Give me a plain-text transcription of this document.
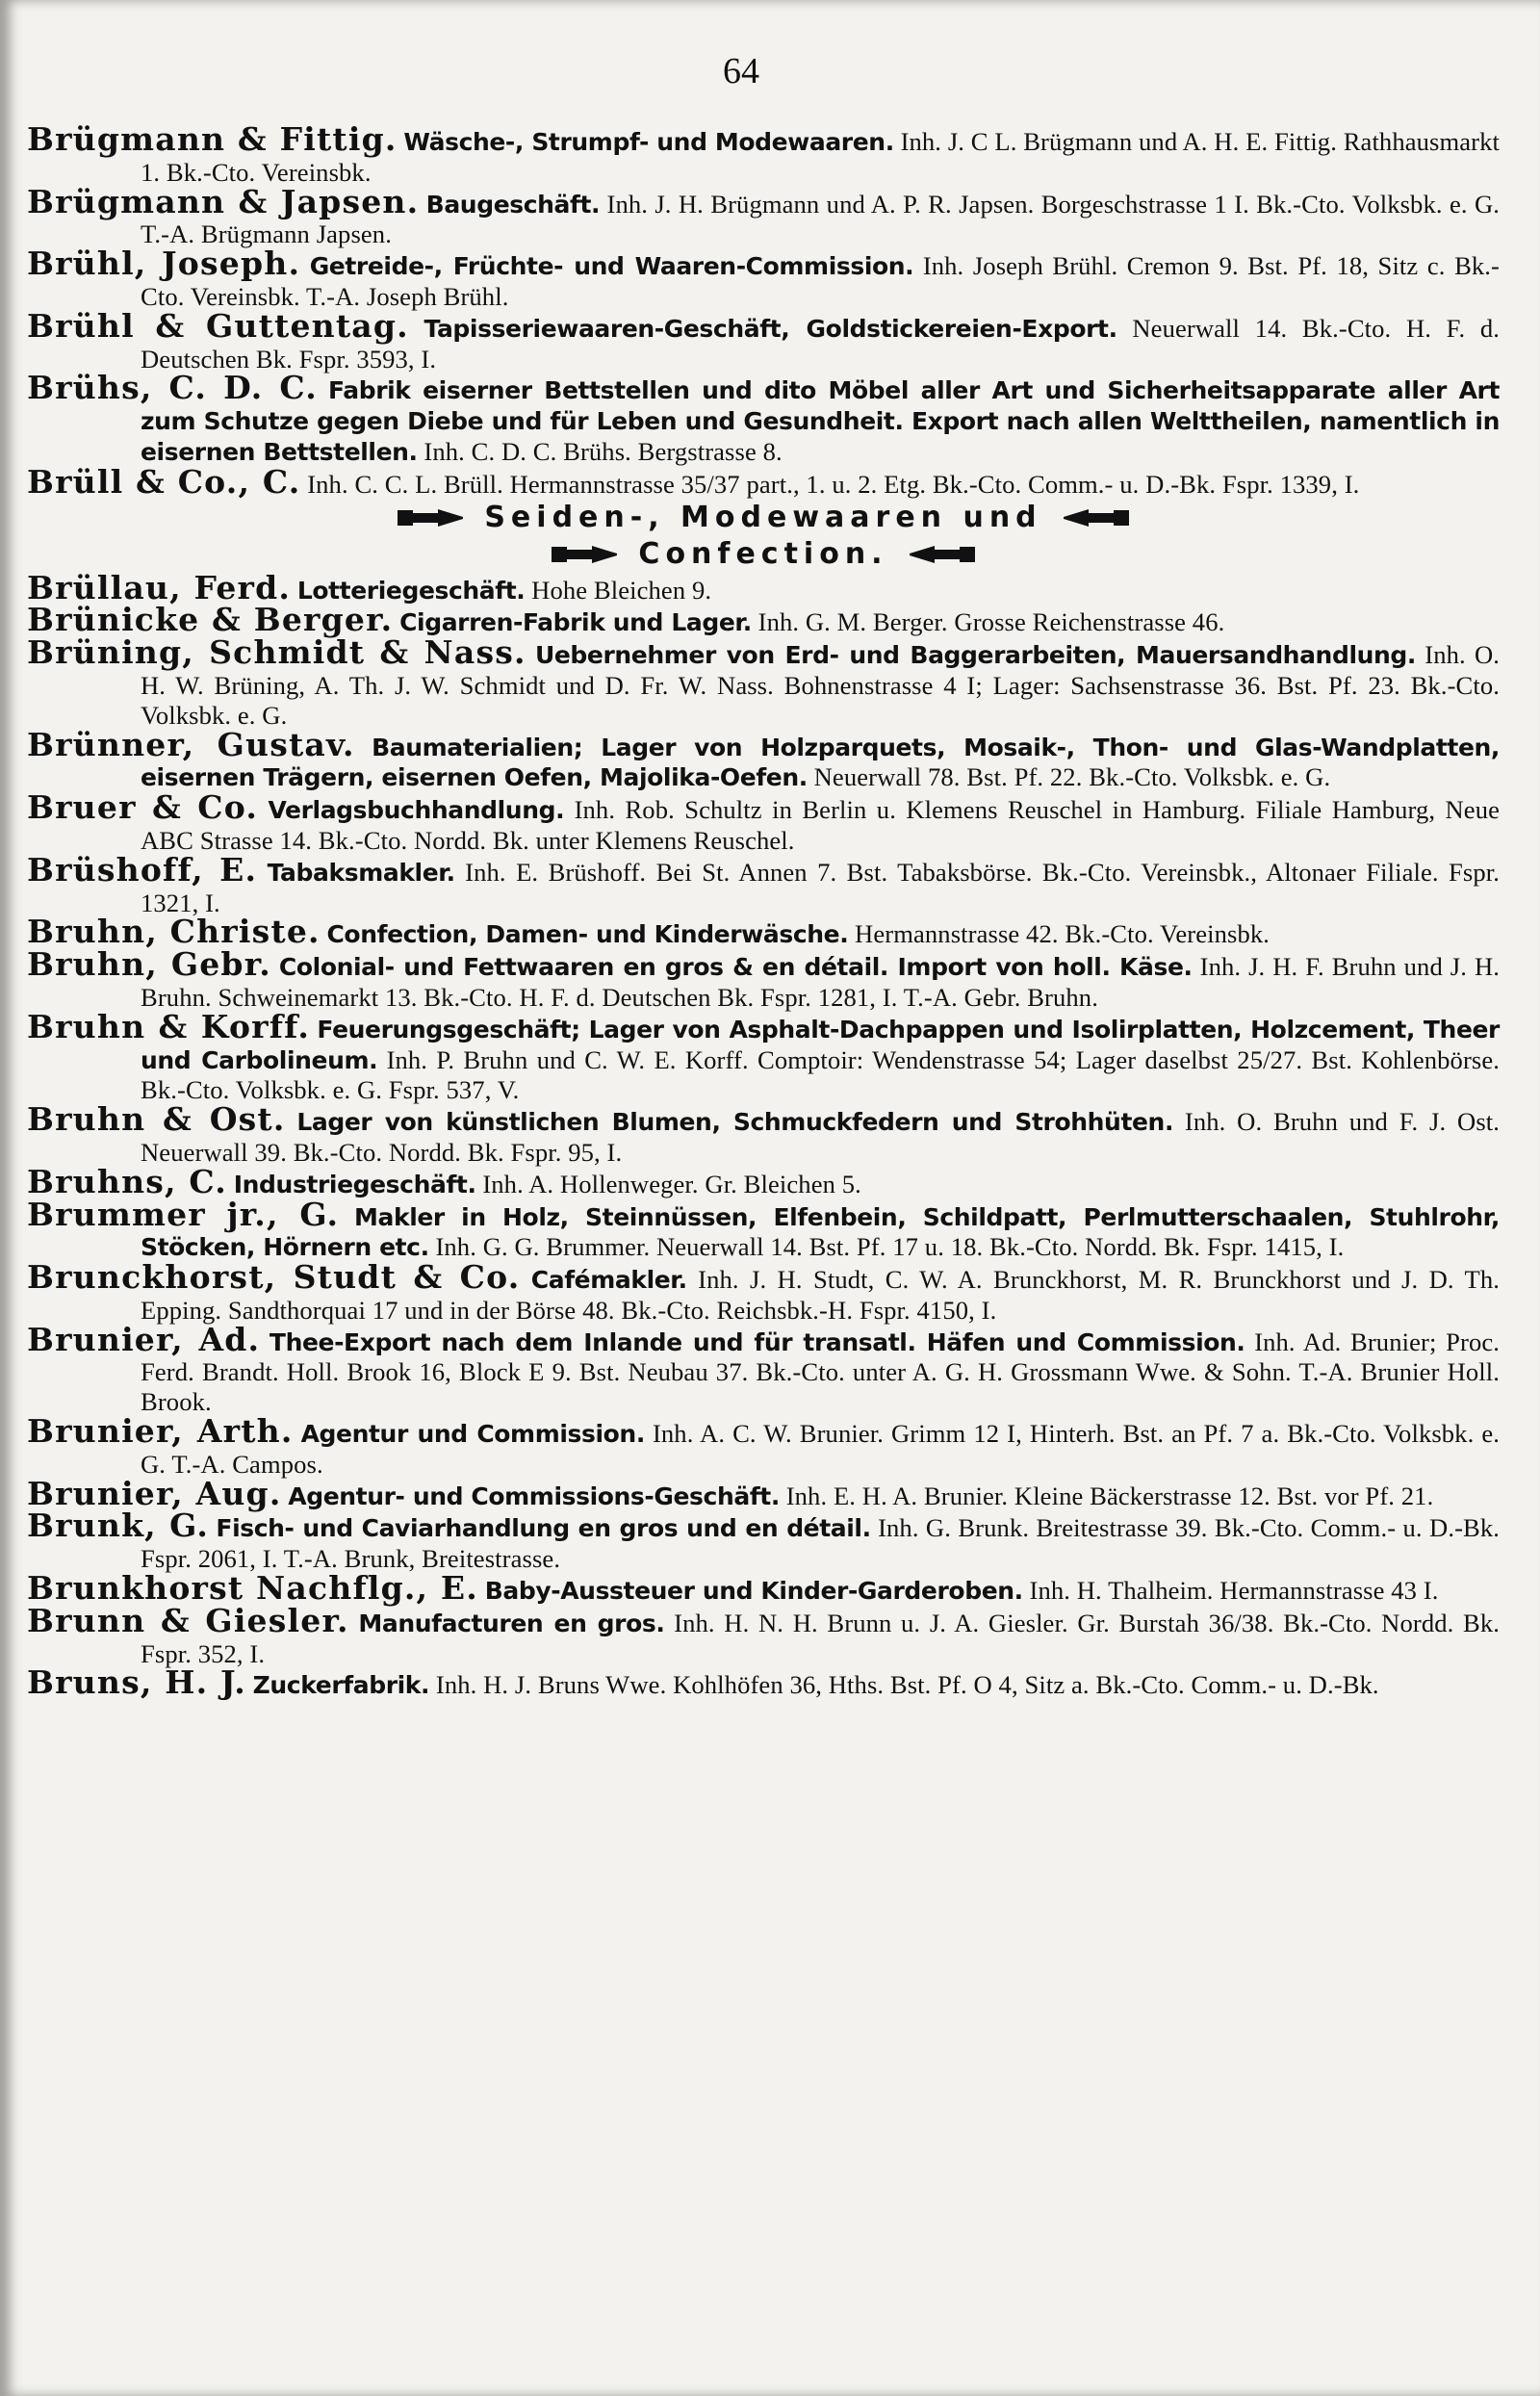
64
Brügmann & Fittig. Wäsche-, Strumpf- und Modewaaren. Inh. J. C L. Brügmann und A. H. E. Fittig. Rathhausmarkt 1. Bk.-Cto. Vereinsbk.
Brügmann & Japsen. Baugeschäft. Inh. J. H. Brügmann und A. P. R. Japsen. Borgeschstrasse 1 I. Bk.-Cto. Volksbk. e. G. T.-A. Brügmann Japsen.
Brühl, Joseph. Getreide-, Früchte- und Waaren-Commission. Inh. Joseph Brühl. Cremon 9. Bst. Pf. 18, Sitz c. Bk.-Cto. Vereinsbk. T.-A. Joseph Brühl.
Brühl & Guttentag. Tapisseriewaaren-Geschäft, Goldstickereien-Export. Neuerwall 14. Bk.-Cto. H. F. d. Deutschen Bk. Fspr. 3593, I.
Brühs, C. D. C. Fabrik eiserner Bettstellen und dito Möbel aller Art und Sicherheitsapparate aller Art zum Schutze gegen Diebe und für Leben und Gesundheit. Export nach allen Welttheilen, namentlich in eisernen Bettstellen. Inh. C. D. C. Brühs. Bergstrasse 8.
Brüll & Co., C. Inh. C. C. L. Brüll. Hermannstrasse 35/37 part., 1. u. 2. Etg. Bk.-Cto. Comm.- u. D.-Bk. Fspr. 1339, I.
Seiden-, Modewaaren und
Confection.
Brüllau, Ferd. Lotteriegeschäft. Hohe Bleichen 9.
Brünicke & Berger. Cigarren-Fabrik und Lager. Inh. G. M. Berger. Grosse Reichenstrasse 46.
Brüning, Schmidt & Nass. Uebernehmer von Erd- und Baggerarbeiten, Mauersandhandlung. Inh. O. H. W. Brüning, A. Th. J. W. Schmidt und D. Fr. W. Nass. Bohnenstrasse 4 I; Lager: Sachsenstrasse 36. Bst. Pf. 23. Bk.-Cto. Volksbk. e. G.
Brünner, Gustav. Baumaterialien; Lager von Holzparquets, Mosaik-, Thon- und Glas-Wandplatten, eisernen Trägern, eisernen Oefen, Majolika-Oefen. Neuerwall 78. Bst. Pf. 22. Bk.-Cto. Volksbk. e. G.
Bruer & Co. Verlagsbuchhandlung. Inh. Rob. Schultz in Berlin u. Klemens Reuschel in Hamburg. Filiale Hamburg, Neue ABC Strasse 14. Bk.-Cto. Nordd. Bk. unter Klemens Reuschel.
Brüshoff, E. Tabaksmakler. Inh. E. Brüshoff. Bei St. Annen 7. Bst. Tabaksbörse. Bk.-Cto. Vereinsbk., Altonaer Filiale. Fspr. 1321, I.
Bruhn, Christe. Confection, Damen- und Kinderwäsche. Hermannstrasse 42. Bk.-Cto. Vereinsbk.
Bruhn, Gebr. Colonial- und Fettwaaren en gros & en détail. Import von holl. Käse. Inh. J. H. F. Bruhn und J. H. Bruhn. Schweinemarkt 13. Bk.-Cto. H. F. d. Deutschen Bk. Fspr. 1281, I. T.-A. Gebr. Bruhn.
Bruhn & Korff. Feuerungsgeschäft; Lager von Asphalt-Dachpappen und Isolirplatten, Holzcement, Theer und Carbolineum. Inh. P. Bruhn und C. W. E. Korff. Comptoir: Wendenstrasse 54; Lager daselbst 25/27. Bst. Kohlenbörse. Bk.-Cto. Volksbk. e. G. Fspr. 537, V.
Bruhn & Ost. Lager von künstlichen Blumen, Schmuckfedern und Strohhüten. Inh. O. Bruhn und F. J. Ost. Neuerwall 39. Bk.-Cto. Nordd. Bk. Fspr. 95, I.
Bruhns, C. Industriegeschäft. Inh. A. Hollenweger. Gr. Bleichen 5.
Brummer jr., G. Makler in Holz, Steinnüssen, Elfenbein, Schildpatt, Perlmutterschaalen, Stuhlrohr, Stöcken, Hörnern etc. Inh. G. G. Brummer. Neuerwall 14. Bst. Pf. 17 u. 18. Bk.-Cto. Nordd. Bk. Fspr. 1415, I.
Brunckhorst, Studt & Co. Cafémakler. Inh. J. H. Studt, C. W. A. Brunckhorst, M. R. Brunckhorst und J. D. Th. Epping. Sandthorquai 17 und in der Börse 48. Bk.-Cto. Reichsbk.-H. Fspr. 4150, I.
Brunier, Ad. Thee-Export nach dem Inlande und für transatl. Häfen und Commission. Inh. Ad. Brunier; Proc. Ferd. Brandt. Holl. Brook 16, Block E 9. Bst. Neubau 37. Bk.-Cto. unter A. G. H. Grossmann Wwe. & Sohn. T.-A. Brunier Holl. Brook.
Brunier, Arth. Agentur und Commission. Inh. A. C. W. Brunier. Grimm 12 I, Hinterh. Bst. an Pf. 7 a. Bk.-Cto. Volksbk. e. G. T.-A. Campos.
Brunier, Aug. Agentur- und Commissions-Geschäft. Inh. E. H. A. Brunier. Kleine Bäckerstrasse 12. Bst. vor Pf. 21.
Brunk, G. Fisch- und Caviarhandlung en gros und en détail. Inh. G. Brunk. Breitestrasse 39. Bk.-Cto. Comm.- u. D.-Bk. Fspr. 2061, I. T.-A. Brunk, Breitestrasse.
Brunkhorst Nachflg., E. Baby-Aussteuer und Kinder-Garderoben. Inh. H. Thalheim. Hermannstrasse 43 I.
Brunn & Giesler. Manufacturen en gros. Inh. H. N. H. Brunn u. J. A. Giesler. Gr. Burstah 36/38. Bk.-Cto. Nordd. Bk. Fspr. 352, I.
Bruns, H. J. Zuckerfabrik. Inh. H. J. Bruns Wwe. Kohlhöfen 36, Hths. Bst. Pf. O 4, Sitz a. Bk.-Cto. Comm.- u. D.-Bk.
